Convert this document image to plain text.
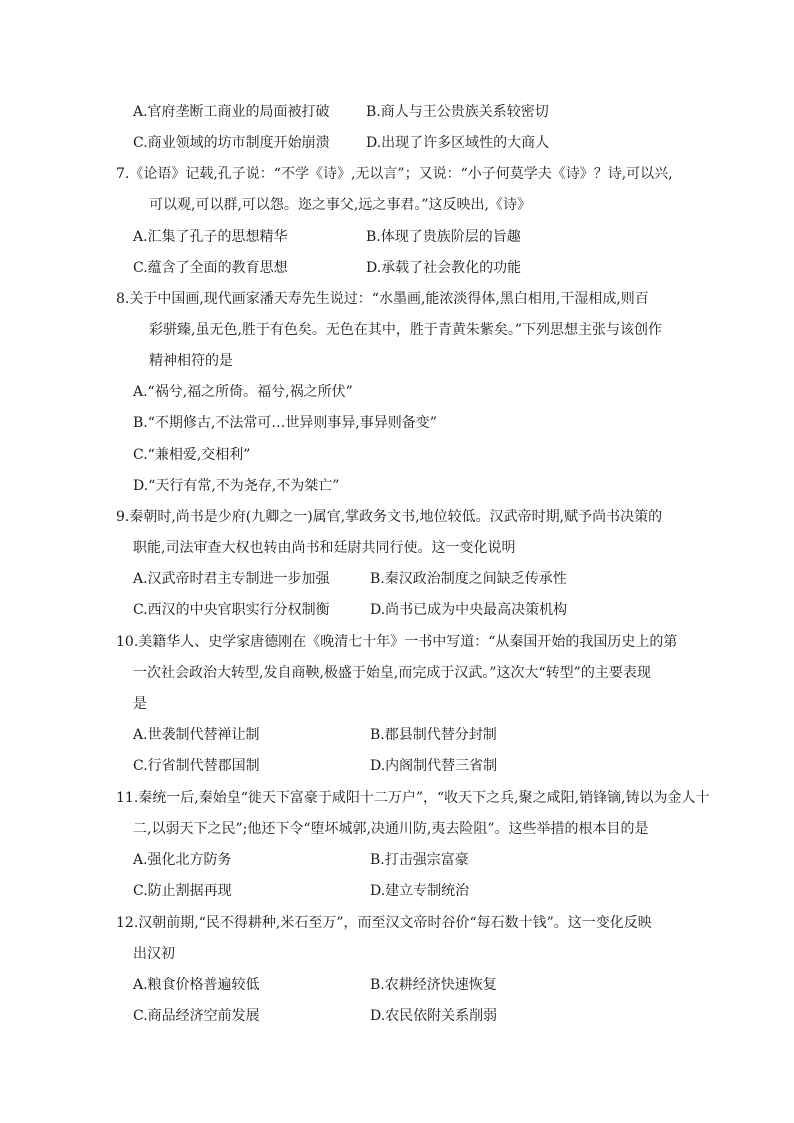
A.官府垄断工商业的局面被打破	B.商人与王公贵族关系较密切
C.商业领域的坊市制度开始崩溃	D.出现了许多区域性的大商人
7.《论语》记载,孔子说：“不学《诗》,无以言”；又说：“小子何莫学夫《诗》？诗,可以兴,
可以观,可以群,可以怨。迩之事父,远之事君。”这反映出,《诗》
A.汇集了孔子的思想精华	B.体现了贵族阶层的旨趣
C.蕴含了全面的教育思想	D.承载了社会教化的功能
8.关于中国画,现代画家潘天寿先生说过：“水墨画,能浓淡得体,黑白相用,干湿相成,则百
彩骈臻,虽无色,胜于有色矣。无色在其中，胜于青黄朱紫矣。”下列思想主张与该创作
精神相符的是
A.“祸兮,福之所倚。福兮,祸之所伏”
B.“不期修古,不法常可…世异则事异,事异则备变”
C.“兼相爱,交相利”
D.“天行有常,不为尧存,不为桀亡”
9.秦朝时,尚书是少府(九卿之一)属官,掌政务文书,地位较低。汉武帝时期,赋予尚书决策的
职能,司法审查大权也转由尚书和廷尉共同行使。这一变化说明
A.汉武帝时君主专制进一步加强	B.秦汉政治制度之间缺乏传承性
C.西汉的中央官职实行分权制衡	D.尚书已成为中央最高决策机构
10.美籍华人、史学家唐德刚在《晚清七十年》一书中写道：“从秦国开始的我国历史上的第
一次社会政治大转型,发自商鞅,极盛于始皇,而完成于汉武。”这次大“转型”的主要表现
是
A.世袭制代替禅让制	B.郡县制代替分封制
C.行省制代替郡国制	D.内阁制代替三省制
11.秦统一后,秦始皇“徙天下富豪于咸阳十二万户”，“收天下之兵,聚之咸阳,销锋镝,铸以为金人十
二,以弱天下之民”;他还下令“堕坏城郭,决通川防,夷去险阻”。这些举措的根本目的是
A.强化北方防务	B.打击强宗富豪
C.防止割据再现	D.建立专制统治
12.汉朝前期,“民不得耕种,米石至万”，而至汉文帝时谷价“每石数十钱”。这一变化反映
出汉初
A.粮食价格普遍较低	B.农耕经济快速恢复
C.商品经济空前发展	D.农民依附关系削弱
